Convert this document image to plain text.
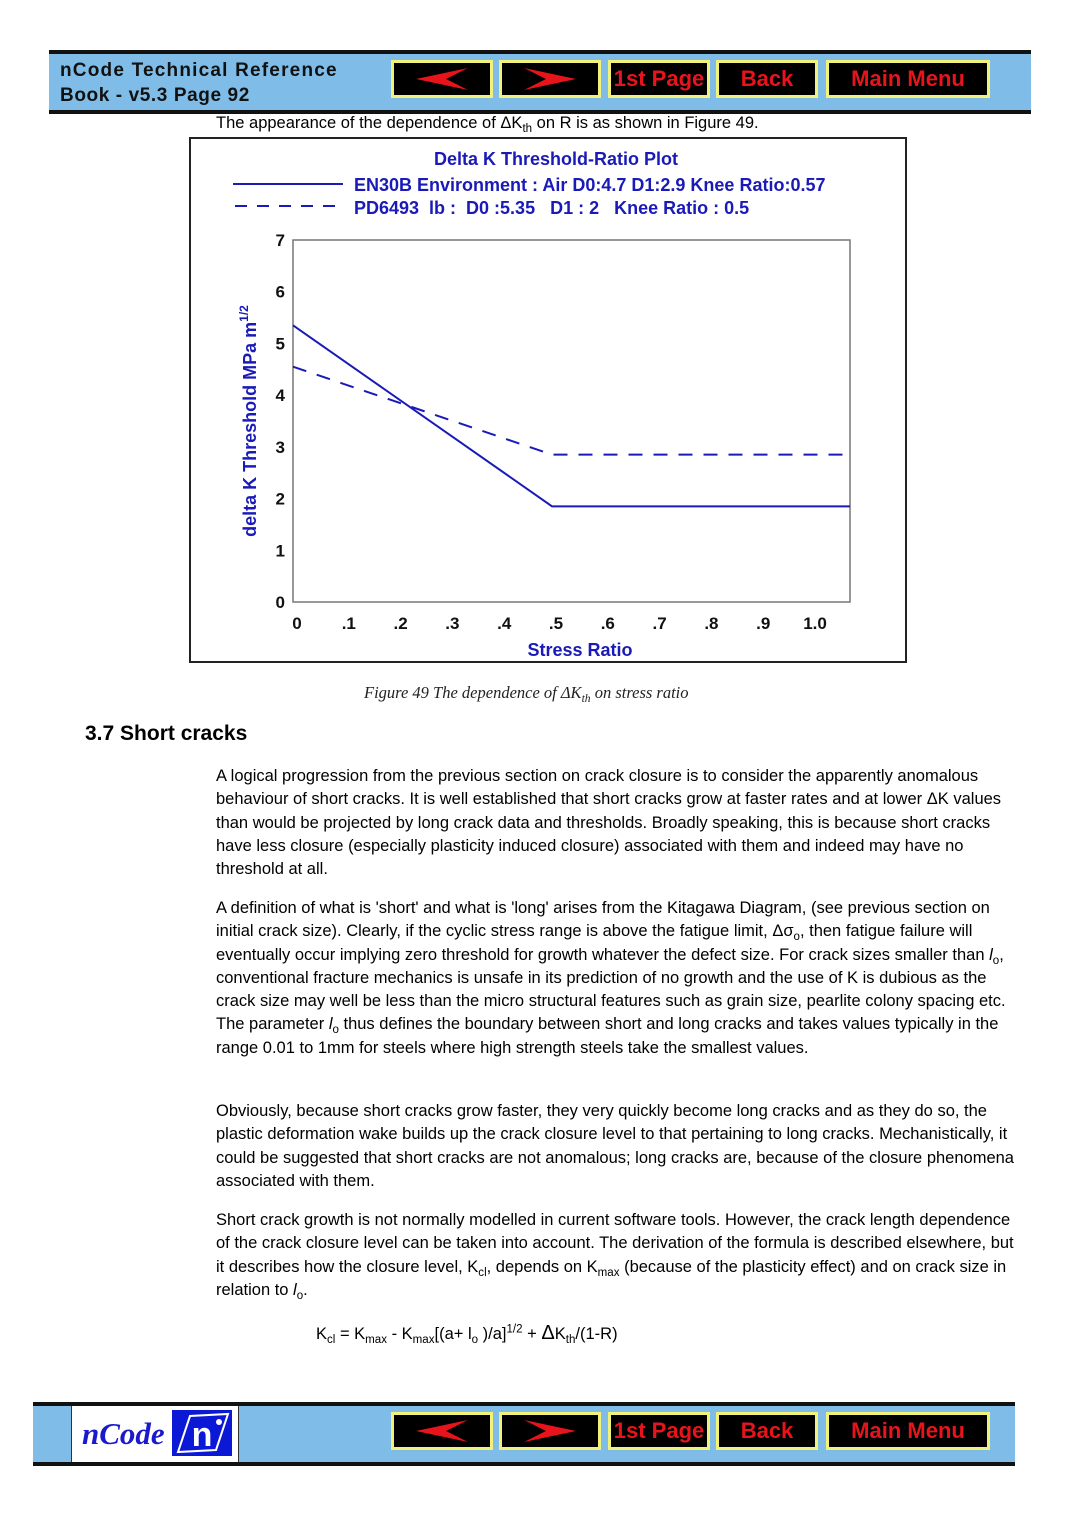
nCode Technical Reference
Book - v5.3 Page 92
1st Page	Back	Main Menu
The appearance of the dependence of $\Delta K_{th}$ on R is as shown in Figure 49.
Delta K Threshold-Ratio Plot
EN30B Environment : Air D0:4.7 D1:2.9 Knee Ratio:0.57
PD6493  lb :  D0 :5.35   D1 : 2   Knee Ratio : 0.5
0
1
2
3
4
5
6
7
0 .1 .2 .3 .4 .5 .6 .7 .8 .9 1.0
Stress Ratio
delta K Threshold MPa $m^{1/2}$
Figure 49 The dependence of $\Delta K_{th}$ on stress ratio
3.7 Short cracks

A logical progression from the previous section on crack closure is to consider the apparently anomalous behaviour of short cracks. It is well established that short cracks grow at faster rates and at lower ΔK values than would be projected by long crack data and thresholds. Broadly speaking, this is because short cracks have less closure (especially plasticity induced closure) associated with them and indeed may have no threshold at all.

A definition of what is 'short' and what is 'long' arises from the Kitagawa Diagram, (see previous section on initial crack size). Clearly, if the cyclic stress range is above the fatigue limit, $\Delta\sigma_o$, then fatigue failure will eventually occur implying zero threshold for growth whatever the defect size. For crack sizes smaller than $l_o$, conventional fracture mechanics is unsafe in its prediction of no growth and the use of K is dubious as the crack size may well be less than the micro structural features such as grain size, pearlite colony spacing etc. The parameter $l_o$ thus defines the boundary between short and long cracks and takes values typically in the range 0.01 to 1mm for steels where high strength steels take the smallest values.

Obviously, because short cracks grow faster, they very quickly become long cracks and as they do so, the plastic deformation wake builds up the crack closure level to that pertaining to long cracks. Mechanistically, it could be suggested that short cracks are not anomalous; long cracks are, because of the closure phenomena associated with them.

Short crack growth is not normally modelled in current software tools. However, the crack length dependence of the crack closure level can be taken into account. The derivation of the formula is described elsewhere, but it describes how the closure level, $K_{cl}$, depends on $K_{max}$ (because of the plasticity effect) and on crack size in relation to $l_o$.

$K_{cl} = K_{max} - K_{max}[(a+ l_o$ )$/a]^{1/2} + \Delta K_{th}/(1-R)$
nCode n	1st Page	Back	Main Menu
